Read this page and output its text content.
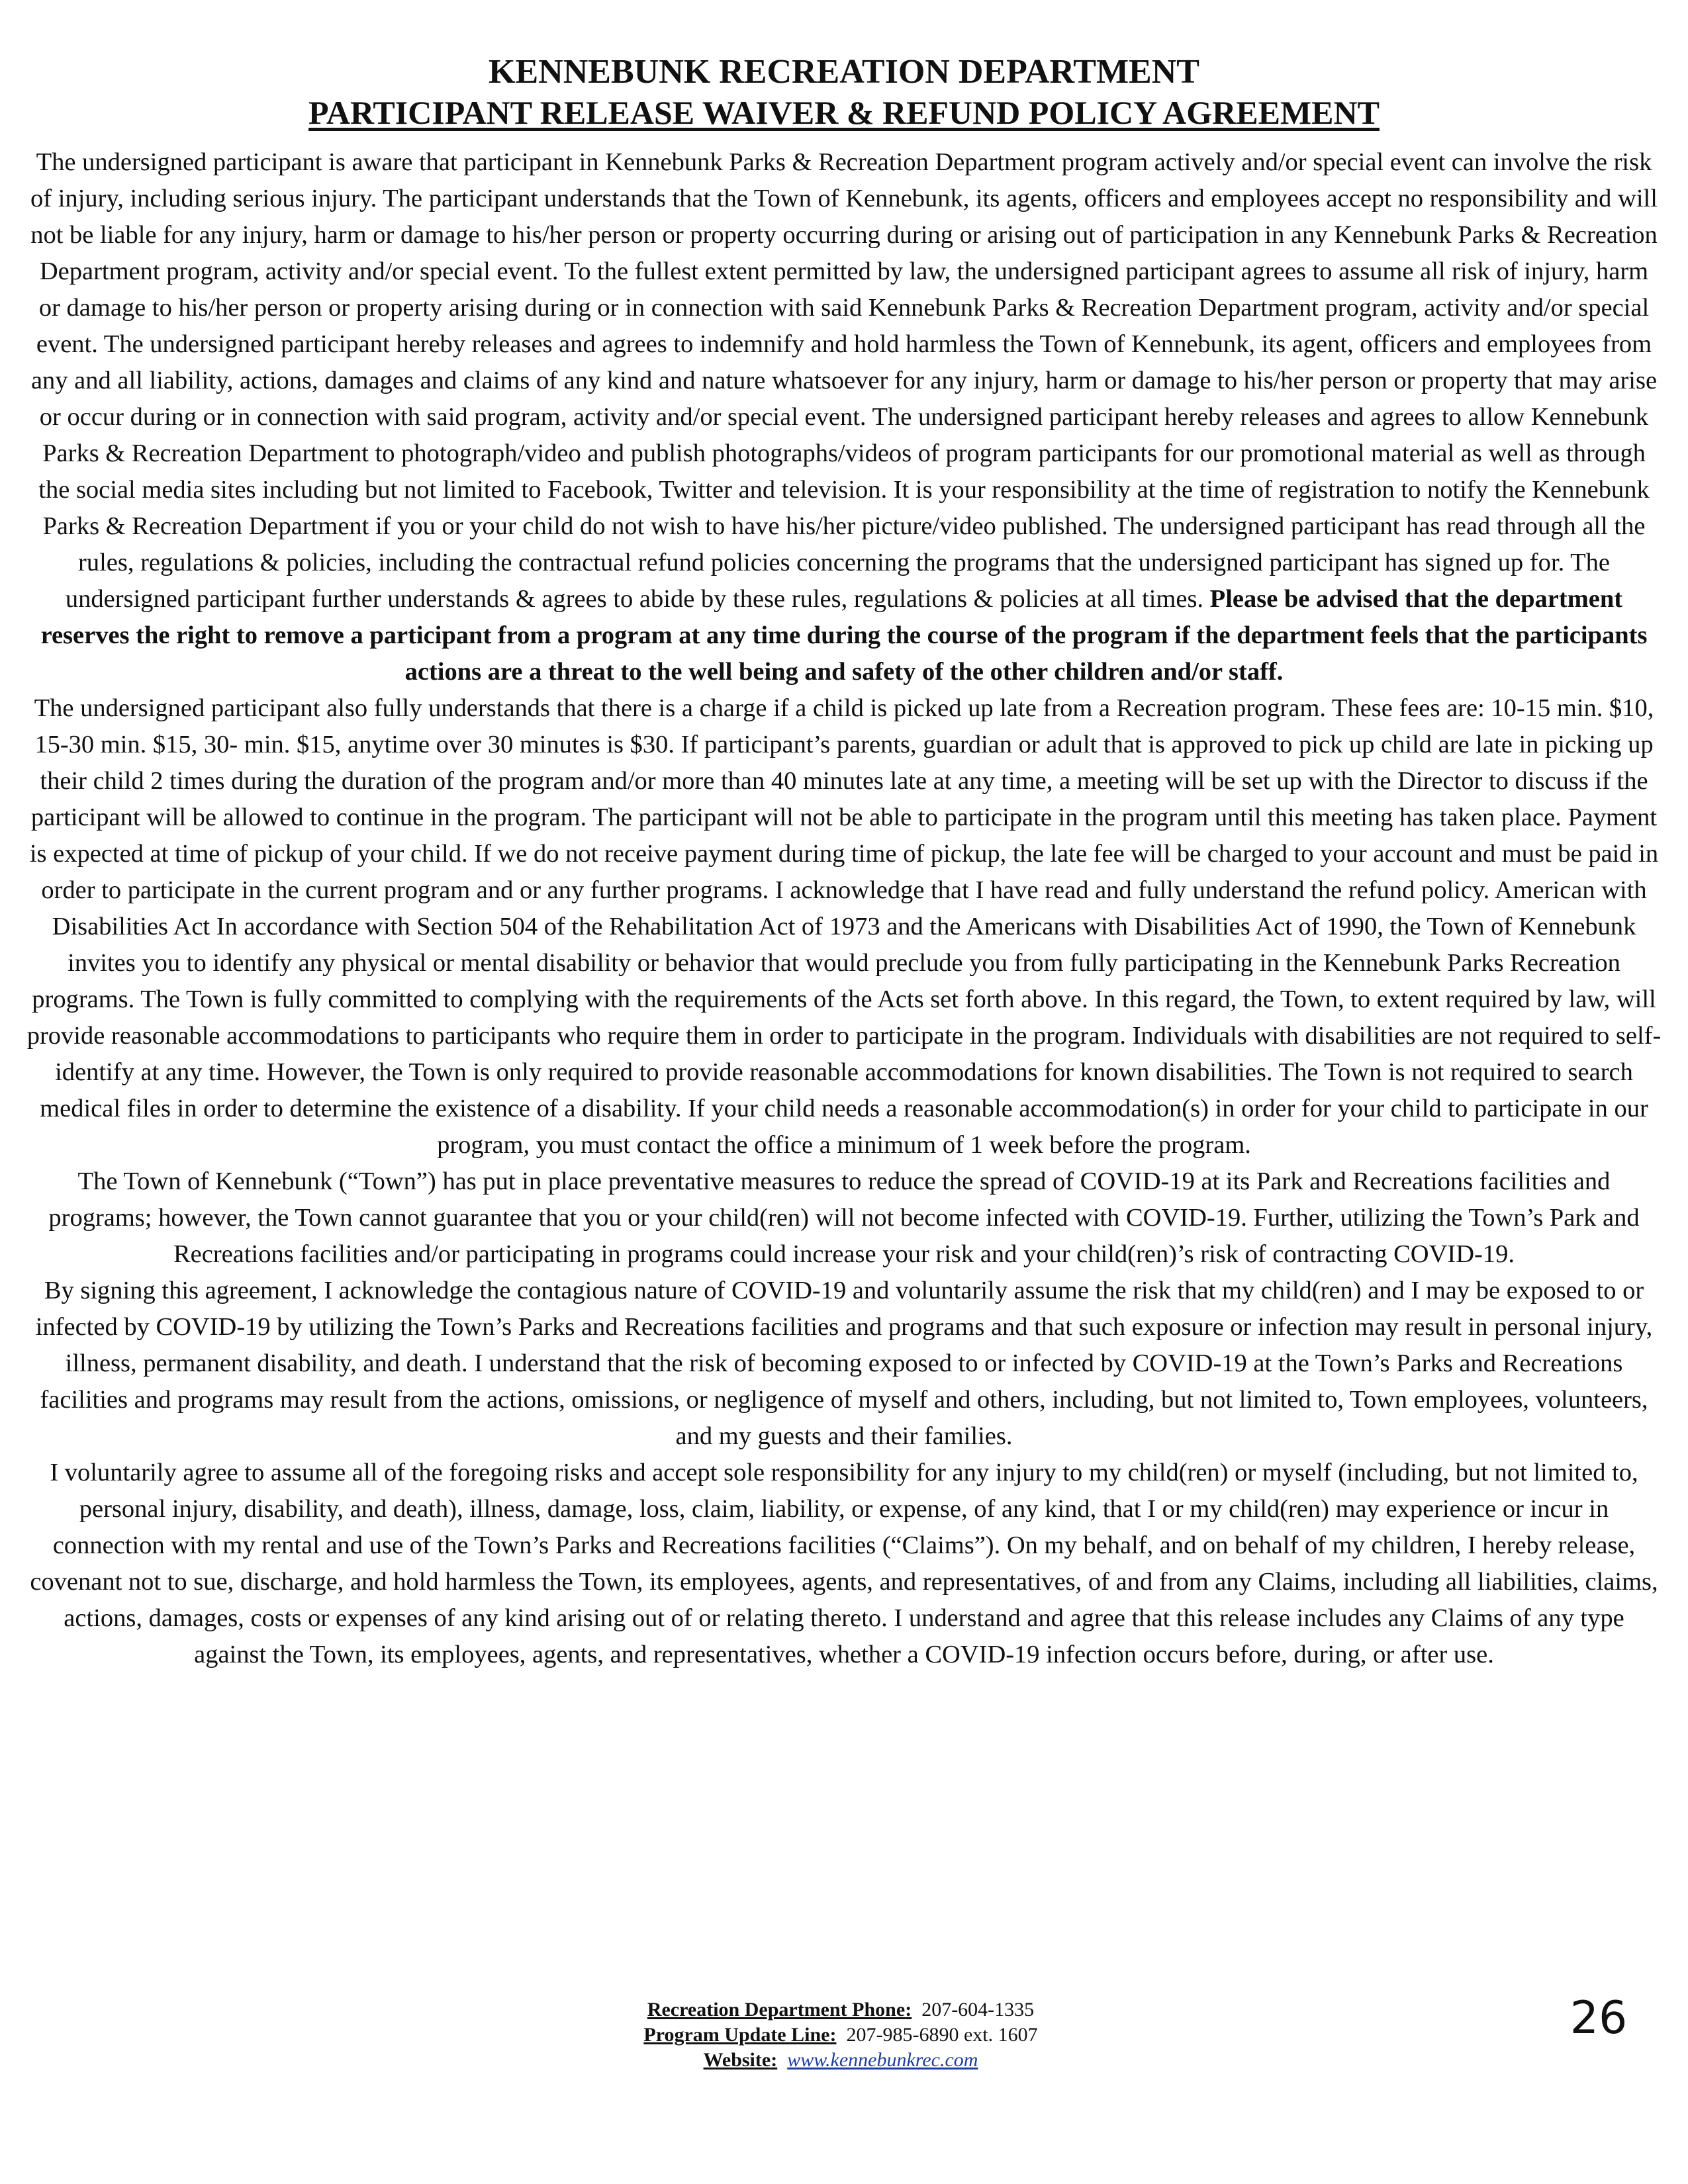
KENNEBUNK RECREATION DEPARTMENT
PARTICIPANT RELEASE WAIVER & REFUND POLICY AGREEMENT

The undersigned participant is aware that participant in Kennebunk Parks & Recreation Department program actively and/or special event can involve the risk of injury, including serious injury. The participant understands that the Town of Kennebunk, its agents, officers and employees accept no responsibility and will not be liable for any injury, harm or damage to his/her person or property occurring during or arising out of participation in any Kennebunk Parks & Recreation Department program, activity and/or special event. To the fullest extent permitted by law, the undersigned participant agrees to assume all risk of injury, harm or damage to his/her person or property arising during or in connection with said Kennebunk Parks & Recreation Department program, activity and/or special event. The undersigned participant hereby releases and agrees to indemnify and hold harmless the Town of Kennebunk, its agent, officers and employees from any and all liability, actions, damages and claims of any kind and nature whatsoever for any injury, harm or damage to his/her person or property that may arise or occur during or in connection with said program, activity and/or special event. The undersigned participant hereby releases and agrees to allow Kennebunk Parks & Recreation Department to photograph/video and publish photographs/videos of program participants for our promotional material as well as through the social media sites including but not limited to Facebook, Twitter and television. It is your responsibility at the time of registration to notify the Kennebunk Parks & Recreation Department if you or your child do not wish to have his/her picture/video published. The undersigned participant has read through all the rules, regulations & policies, including the contractual refund policies concerning the programs that the undersigned participant has signed up for. The undersigned participant further understands & agrees to abide by these rules, regulations & policies at all times. Please be advised that the department reserves the right to remove a participant from a program at any time during the course of the program if the department feels that the participants actions are a threat to the well being and safety of the other children and/or staff.

The undersigned participant also fully understands that there is a charge if a child is picked up late from a Recreation program. These fees are: 10-15 min. $10, 15-30 min. $15, 30- min. $15, anytime over 30 minutes is $30. If participant’s parents, guardian or adult that is approved to pick up child are late in picking up their child 2 times during the duration of the program and/or more than 40 minutes late at any time, a meeting will be set up with the Director to discuss if the participant will be allowed to continue in the program. The participant will not be able to participate in the program until this meeting has taken place. Payment is expected at time of pickup of your child. If we do not receive payment during time of pickup, the late fee will be charged to your account and must be paid in order to participate in the current program and or any further programs. I acknowledge that I have read and fully understand the refund policy. American with Disabilities Act In accordance with Section 504 of the Rehabilitation Act of 1973 and the Americans with Disabilities Act of 1990, the Town of Kennebunk invites you to identify any physical or mental disability or behavior that would preclude you from fully participating in the Kennebunk Parks Recreation programs. The Town is fully committed to complying with the requirements of the Acts set forth above. In this regard, the Town, to extent required by law, will provide reasonable accommodations to participants who require them in order to participate in the program. Individuals with disabilities are not required to self-identify at any time. However, the Town is only required to provide reasonable accommodations for known disabilities. The Town is not required to search medical files in order to determine the existence of a disability. If your child needs a reasonable accommodation(s) in order for your child to participate in our program, you must contact the office a minimum of 1 week before the program.

The Town of Kennebunk (“Town”) has put in place preventative measures to reduce the spread of COVID-19 at its Park and Recreations facilities and programs; however, the Town cannot guarantee that you or your child(ren) will not become infected with COVID-19. Further, utilizing the Town’s Park and Recreations facilities and/or participating in programs could increase your risk and your child(ren)’s risk of contracting COVID-19.

By signing this agreement, I acknowledge the contagious nature of COVID-19 and voluntarily assume the risk that my child(ren) and I may be exposed to or infected by COVID-19 by utilizing the Town’s Parks and Recreations facilities and programs and that such exposure or infection may result in personal injury, illness, permanent disability, and death. I understand that the risk of becoming exposed to or infected by COVID-19 at the Town’s Parks and Recreations facilities and programs may result from the actions, omissions, or negligence of myself and others, including, but not limited to, Town employees, volunteers, and my guests and their families.

I voluntarily agree to assume all of the foregoing risks and accept sole responsibility for any injury to my child(ren) or myself (including, but not limited to, personal injury, disability, and death), illness, damage, loss, claim, liability, or expense, of any kind, that I or my child(ren) may experience or incur in connection with my rental and use of the Town’s Parks and Recreations facilities (“Claims”). On my behalf, and on behalf of my children, I hereby release, covenant not to sue, discharge, and hold harmless the Town, its employees, agents, and representatives, of and from any Claims, including all liabilities, claims, actions, damages, costs or expenses of any kind arising out of or relating thereto. I understand and agree that this release includes any Claims of any type against the Town, its employees, agents, and representatives, whether a COVID-19 infection occurs before, during, or after use.

Recreation Department Phone: 207-604-1335
Program Update Line: 207-985-6890 ext. 1607
Website: www.kennebunkrec.com
26
